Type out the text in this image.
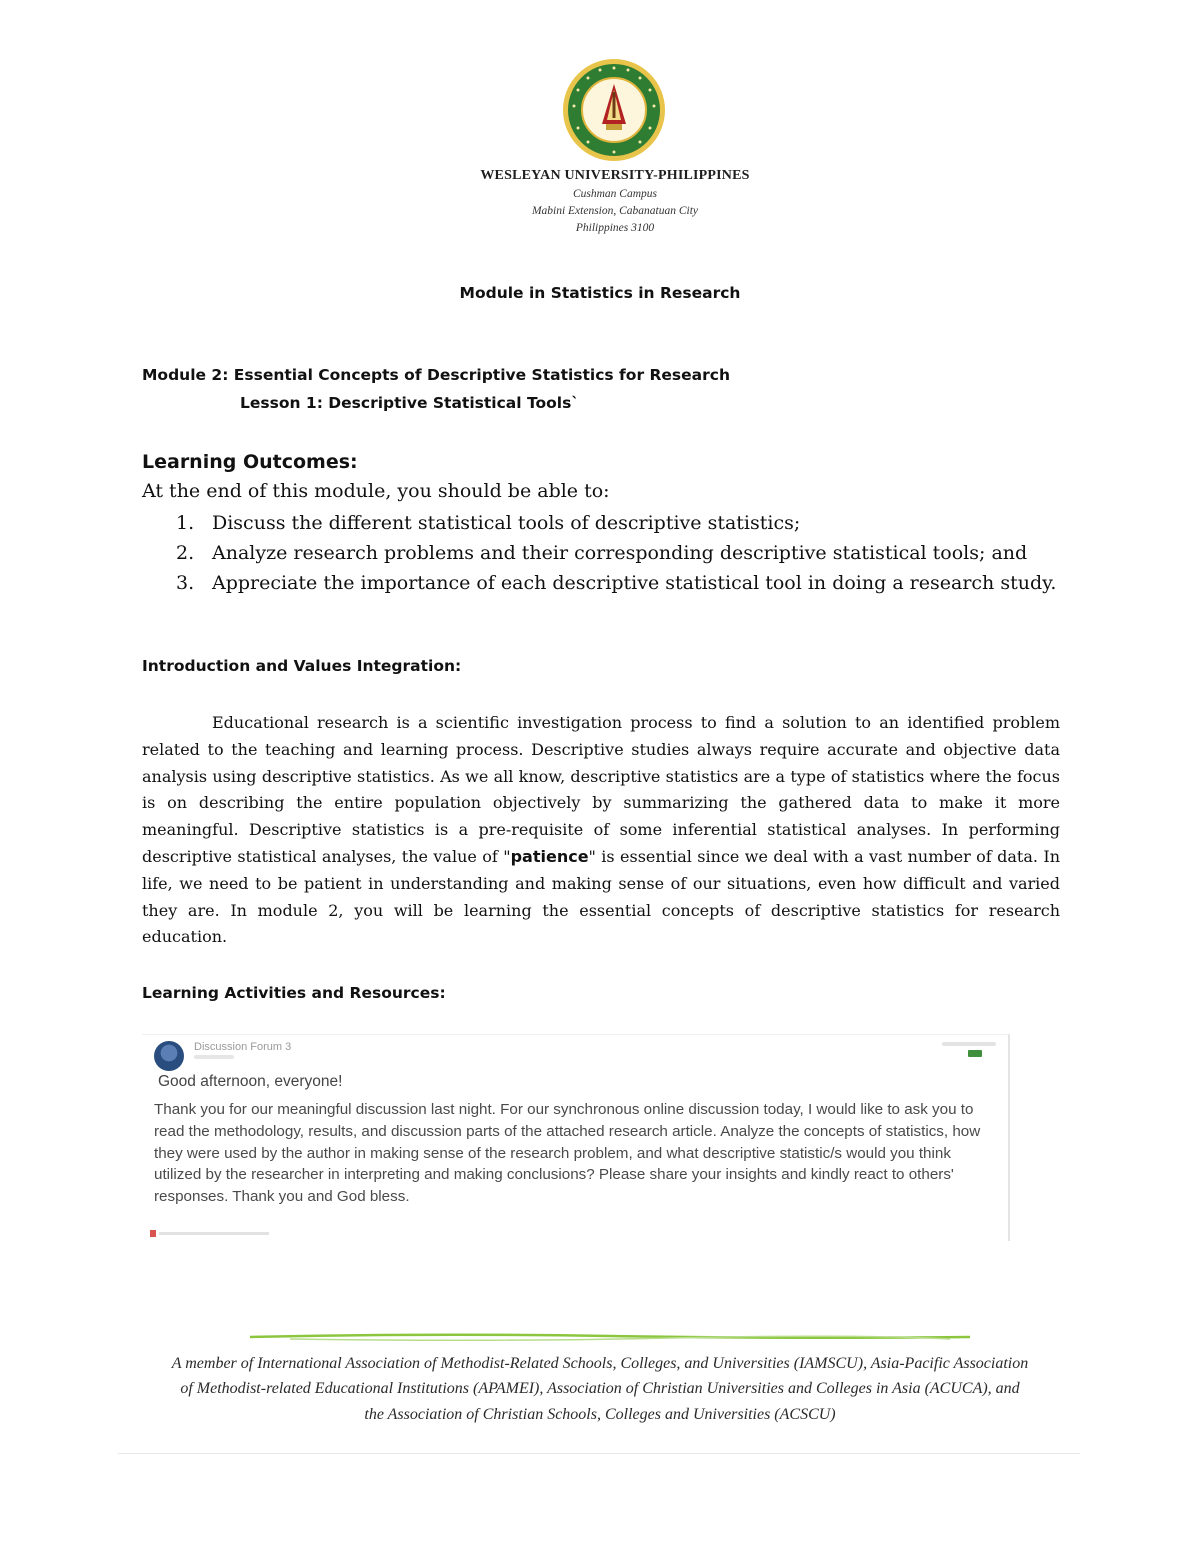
WESLEYAN UNIVERSITY-PHILIPPINES
Cushman Campus
Mabini Extension, Cabanatuan City
Philippines 3100
Module in Statistics in Research
Module 2: Essential Concepts of Descriptive Statistics for Research
Lesson 1: Descriptive Statistical Tools`
Learning Outcomes:
At the end of this module, you should be able to:
1. Discuss the different statistical tools of descriptive statistics;
2. Analyze research problems and their corresponding descriptive statistical tools; and
3. Appreciate the importance of each descriptive statistical tool in doing a research study.
Introduction and Values Integration:

Educational research is a scientific investigation process to find a solution to an identified problem related to the teaching and learning process. Descriptive studies always require accurate and objective data analysis using descriptive statistics. As we all know, descriptive statistics are a type of statistics where the focus is on describing the entire population objectively by summarizing the gathered data to make it more meaningful. Descriptive statistics is a pre-requisite of some inferential statistical analyses. In performing descriptive statistical analyses, the value of "patience" is essential since we deal with a vast number of data. In life, we need to be patient in understanding and making sense of our situations, even how difficult and varied they are. In module 2, you will be learning the essential concepts of descriptive statistics for research education.

Learning Activities and Resources:
Discussion Forum 3
Good afternoon, everyone!

Thank you for our meaningful discussion last night. For our synchronous online discussion today, I would like to ask you to read the methodology, results, and discussion parts of the attached research article. Analyze the concepts of statistics, how they were used by the author in making sense of the research problem, and what descriptive statistic/s would you think utilized by the researcher in interpreting and making conclusions? Please share your insights and kindly react to others' responses. Thank you and God bless.

A member of International Association of Methodist-Related Schools, Colleges, and Universities (IAMSCU), Asia-Pacific Association of Methodist-related Educational Institutions (APAMEI), Association of Christian Universities and Colleges in Asia (ACUCA), and the Association of Christian Schools, Colleges and Universities (ACSCU)
